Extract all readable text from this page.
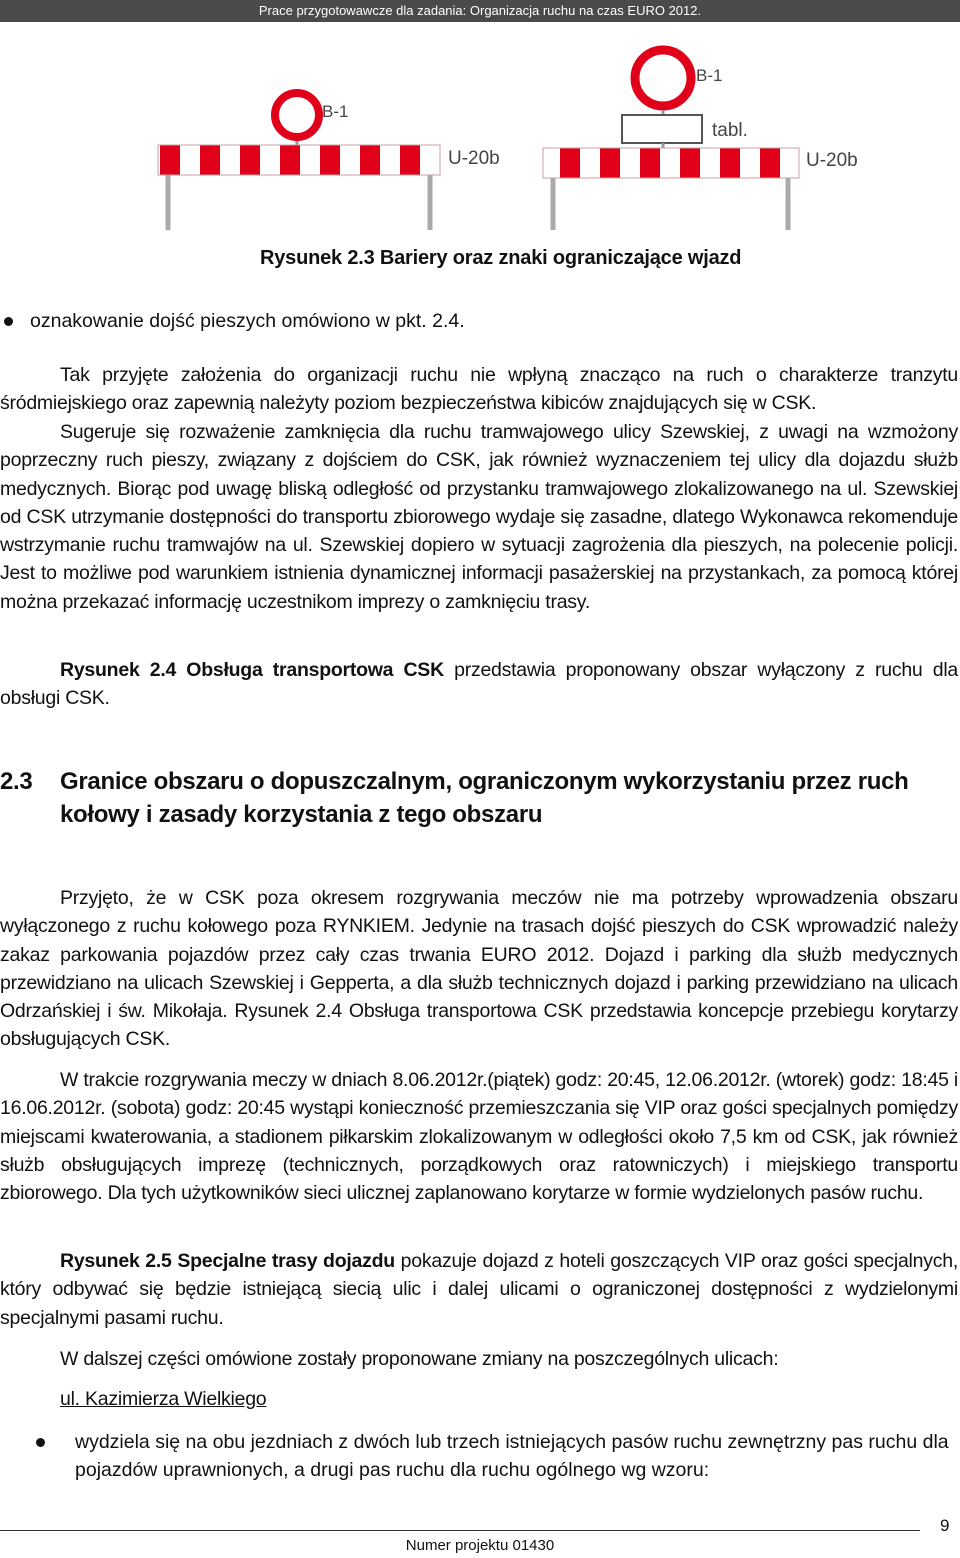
Prace przygotowawcze dla zadania: Organizacja ruchu na czas EURO 2012.
B-1
U-20b
B-1
tabl.
U-20b
Rysunek 2.3 Bariery oraz znaki ograniczające wjazd
oznakowanie dojść pieszych omówiono w pkt. 2.4.
Tak przyjęte założenia do organizacji ruchu nie wpłyną znacząco na ruch o charakterze tranzytu śródmiejskiego oraz zapewnią należyty poziom bezpieczeństwa kibiców znajdujących się w CSK.
Sugeruje się rozważenie zamknięcia dla ruchu tramwajowego ulicy Szewskiej, z uwagi na wzmożony poprzeczny ruch pieszy, związany z dojściem do CSK, jak również wyznaczeniem tej ulicy dla dojazdu służb medycznych. Biorąc pod uwagę bliską odległość od przystanku tramwajowego zlokalizowanego na ul. Szewskiej od CSK utrzymanie dostępności do transportu zbiorowego wydaje się zasadne, dlatego Wykonawca rekomenduje wstrzymanie ruchu tramwajów na ul. Szewskiej dopiero w sytuacji zagrożenia dla pieszych, na polecenie policji. Jest to możliwe pod warunkiem istnienia dynamicznej informacji pasażerskiej na przystankach, za pomocą której można przekazać informację uczestnikom imprezy o zamknięciu trasy.
Rysunek 2.4 Obsługa transportowa CSK przedstawia proponowany obszar wyłączony z ruchu dla obsługi CSK.
2.3 Granice obszaru o dopuszczalnym, ograniczonym wykorzystaniu przez ruch kołowy i zasady korzystania z tego obszaru
Przyjęto, że w CSK poza okresem rozgrywania meczów nie ma potrzeby wprowadzenia obszaru wyłączonego z ruchu kołowego poza RYNKIEM. Jedynie na trasach dojść pieszych do CSK wprowadzić należy zakaz parkowania pojazdów przez cały czas trwania EURO 2012. Dojazd i parking dla służb medycznych przewidziano na ulicach Szewskiej i Gepperta, a dla służb technicznych dojazd i parking przewidziano na ulicach Odrzańskiej i św. Mikołaja. Rysunek 2.4 Obsługa transportowa CSK przedstawia koncepcje przebiegu korytarzy obsługujących CSK.
W trakcie rozgrywania meczy w dniach 8.06.2012r.(piątek) godz: 20:45, 12.06.2012r. (wtorek) godz: 18:45 i 16.06.2012r. (sobota) godz: 20:45 wystąpi konieczność przemieszczania się VIP oraz gości specjalnych pomiędzy miejscami kwaterowania, a stadionem piłkarskim zlokalizowanym w odległości około 7,5 km od CSK, jak również służb obsługujących imprezę (technicznych, porządkowych oraz ratowniczych) i miejskiego transportu zbiorowego. Dla tych użytkowników sieci ulicznej zaplanowano korytarze w formie wydzielonych pasów ruchu.
Rysunek 2.5 Specjalne trasy dojazdu pokazuje dojazd z hoteli goszczących VIP oraz gości specjalnych, który odbywać się będzie istniejącą siecią ulic i dalej ulicami o ograniczonej dostępności z wydzielonymi specjalnymi pasami ruchu.
W dalszej części omówione zostały proponowane zmiany na poszczególnych ulicach:
ul. Kazimierza Wielkiego
wydziela się na obu jezdniach z dwóch lub trzech istniejących pasów ruchu zewnętrzny pas ruchu dla pojazdów uprawnionych, a drugi pas ruchu dla ruchu ogólnego wg wzoru:
9
Numer projektu 01430
